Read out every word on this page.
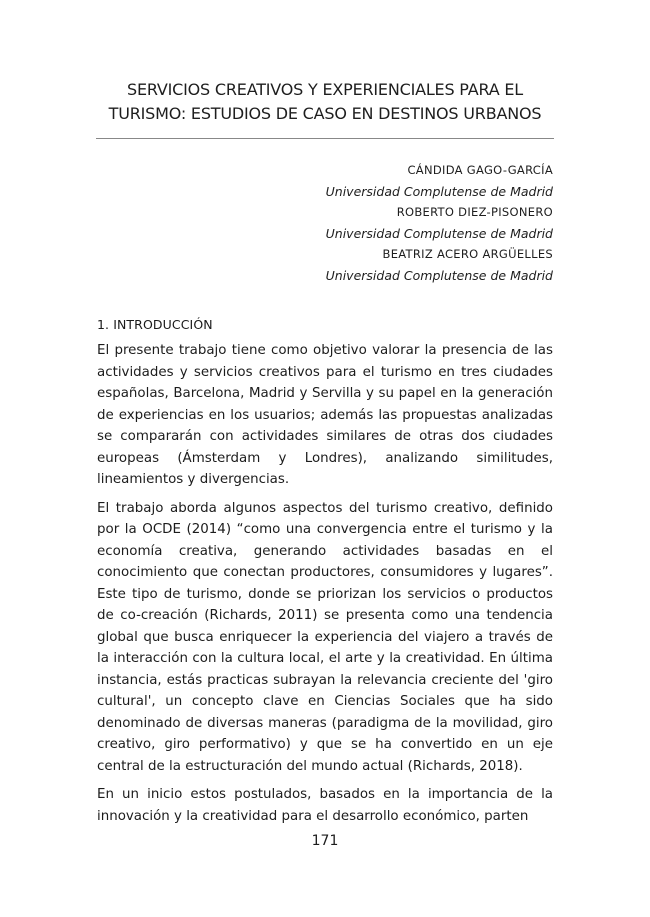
SERVICIOS CREATIVOS Y EXPERIENCIALES PARA EL
TURISMO: ESTUDIOS DE CASO EN DESTINOS URBANOS
CÁNDIDA GAGO-GARCÍA
Universidad Complutense de Madrid
ROBERTO DIEZ-PISONERO
Universidad Complutense de Madrid
BEATRIZ ACERO ARGÜELLES
Universidad Complutense de Madrid
1. INTRODUCCIÓN

El presente trabajo tiene como objetivo valorar la presencia de las actividades y servicios creativos para el turismo en tres ciudades españolas, Barcelona, Madrid y Servilla y su papel en la generación de experiencias en los usuarios; además las propuestas analizadas se compararán con actividades similares de otras dos ciudades europeas (Ámsterdam y Londres), analizando similitudes, lineamientos y divergencias.

El trabajo aborda algunos aspectos del turismo creativo, definido por la OCDE (2014) “como una convergencia entre el turismo y la economía creativa, generando actividades basadas en el conocimiento que conectan productores, consumidores y lugares”. Este tipo de turismo, donde se priorizan los servicios o productos de co-creación (Richards, 2011) se presenta como una tendencia global que busca enriquecer la experiencia del viajero a través de la interacción con la cultura local, el arte y la creatividad. En última instancia, estás practicas subrayan la relevancia creciente del 'giro cultural', un concepto clave en Ciencias Sociales que ha sido denominado de diversas maneras (paradigma de la movilidad, giro creativo, giro performativo) y que se ha convertido en un eje central de la estructuración del mundo actual (Richards, 2018).

En un inicio estos postulados, basados en la importancia de la innovación y la creatividad para el desarrollo económico, parten

171
